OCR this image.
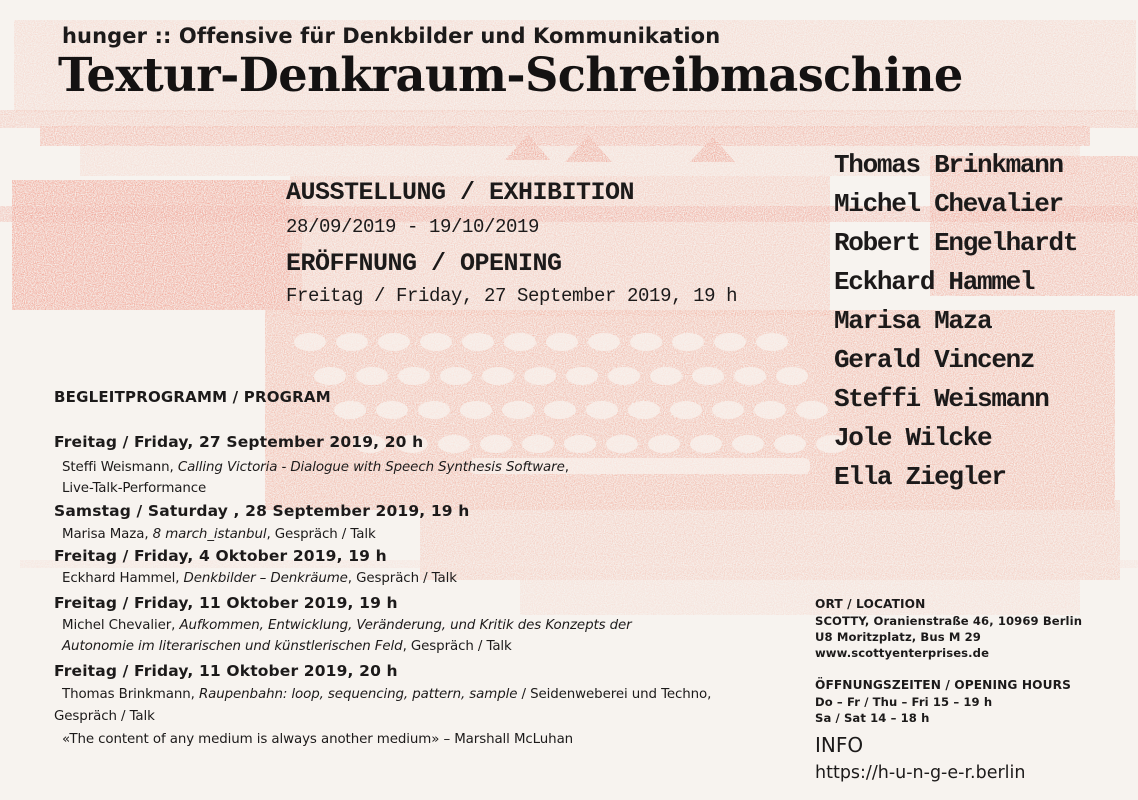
hunger :: Offensive für Denkbilder und Kommunikation
Textur-Denkraum-Schreibmaschine
AUSSTELLUNG / EXHIBITION
28/09/2019 - 19/10/2019
ERÖFFNUNG / OPENING
Freitag / Friday, 27 September 2019, 19 h
Thomas Brinkmann
Michel Chevalier
Robert Engelhardt
Eckhard Hammel
Marisa Maza
Gerald Vincenz
Steffi Weismann
Jole Wilcke
Ella Ziegler
BEGLEITPROGRAMM / PROGRAM
Freitag / Friday, 27 September 2019, 20 h
Steffi Weismann, Calling Victoria - Dialogue with Speech Synthesis Software,
Live-Talk-Performance
Samstag / Saturday , 28 September 2019, 19 h
Marisa Maza, 8 march_istanbul, Gespräch / Talk
Freitag / Friday, 4 Oktober 2019, 19 h
Eckhard Hammel, Denkbilder – Denkräume, Gespräch / Talk
Freitag / Friday, 11 Oktober 2019, 19 h
Michel Chevalier, Aufkommen, Entwicklung, Veränderung, und Kritik des Konzepts der
Autonomie im literarischen und künstlerischen Feld, Gespräch / Talk
Freitag / Friday, 11 Oktober 2019, 20 h
Thomas Brinkmann, Raupenbahn: loop, sequencing, pattern, sample / Seidenweberei und Techno,
Gespräch / Talk
«The content of any medium is always another medium» – Marshall McLuhan
ORT / LOCATION
SCOTTY, Oranienstraße 46, 10969 Berlin
U8 Moritzplatz, Bus M 29
www.scottyenterprises.de
ÖFFNUNGSZEITEN / OPENING HOURS
Do – Fr / Thu – Fri 15 – 19 h
Sa / Sat 14 – 18 h
INFO
https://h-u-n-g-e-r.berlin
